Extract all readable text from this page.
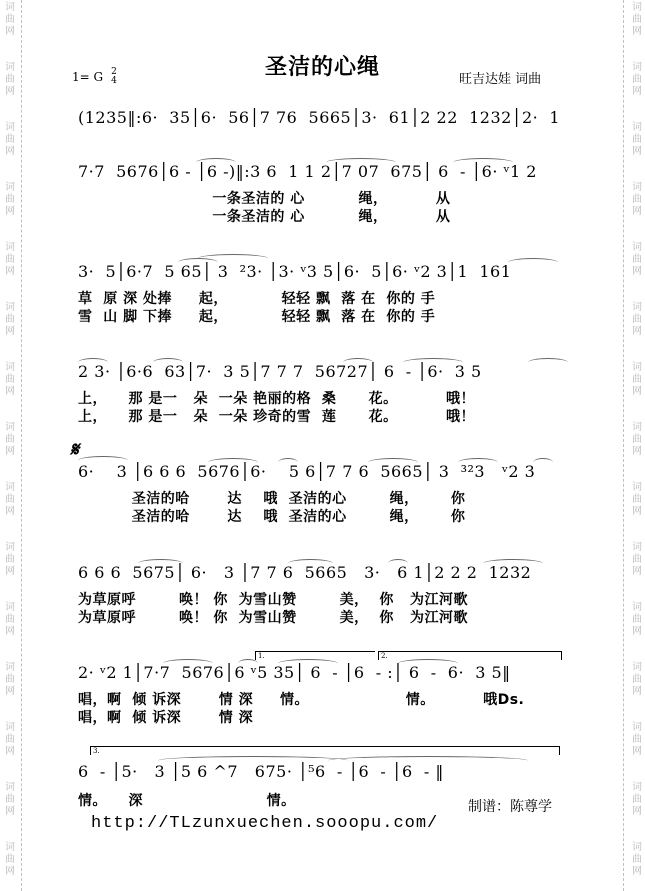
词
曲
网
词
曲
网
词
曲
网
词
曲
网
词
曲
网
词
曲
网
词
曲
网
词
曲
网
词
曲
网
词
曲
网
词
曲
网
词
曲
网
词
曲
网
词
曲
网
词
曲
网
词
曲
网
词
曲
网
词
曲
网
词
曲
网
词
曲
网
词
曲
网
词
曲
网
词
曲
网
词
曲
网
词
曲
网
词
曲
网
词
曲
网
词
曲
网
词
曲
网
词
曲
网
圣洁的心绳
1= G 2
4	旺吉达娃 词曲
(1235‖:6·  35│6·  56│7 76  5665│3·  61│2 22  1232│2·  1
7·7  5676│6 - │6 -)‖:3 6  1 1 2│7 07  675│ 6  - │6· ᵛ1 2
一条圣洁的 心          绳，         从
一条圣洁的 心          绳，         从
3·  5│6·7  5 65│ 3  ²3· │3· ᵛ3 5│6·  5│6· ᵛ2 3│1  161
草  原 深 处捧     起，          轻轻 飘  落 在  你的 手
雪  山 脚 下捧     起，          轻轻 飘  落 在  你的 手
2 3· │6·6  63│7·  3 5│7 7 7  56727│ 6  - │6·  3 5
上，    那 是一   朵  一朵 艳丽的格  桑      花。         哦！
上，    那 是一   朵  一朵 珍奇的雪  莲      花。         哦！
𝄋
6·    3 │6 6 6  5676│6·    5 6│7 7 6  5665│ 3  ³²3   ᵛ2 3
圣洁的哈       达    哦  圣洁的心        绳，      你
圣洁的哈       达    哦  圣洁的心        绳，      你
6 6 6  5675│ 6·   3 │7 7 6  5665   3·   6 1│2 2 2  1232
为草原呼        唤！ 你  为雪山赞        美，  你   为江河歌
为草原呼        唤！ 你  为雪山赞        美，  你   为江河歌
1.	2.
2· ᵛ2 1│7·7  5676│6 ᵛ5 35│ 6  - │6  - :│ 6  -  6·  3 5‖
唱，啊  倾 诉深       情 深     情。                  情。         哦Ds.
唱，啊  倾 诉深       情 深
3.
6  - │5·   3 │5 6 ^7   675· │⁵6  - │6  - │6  - ‖
情。    深                       情。	制谱：陈尊学
http://TLzunxuechen.sooopu.com/
